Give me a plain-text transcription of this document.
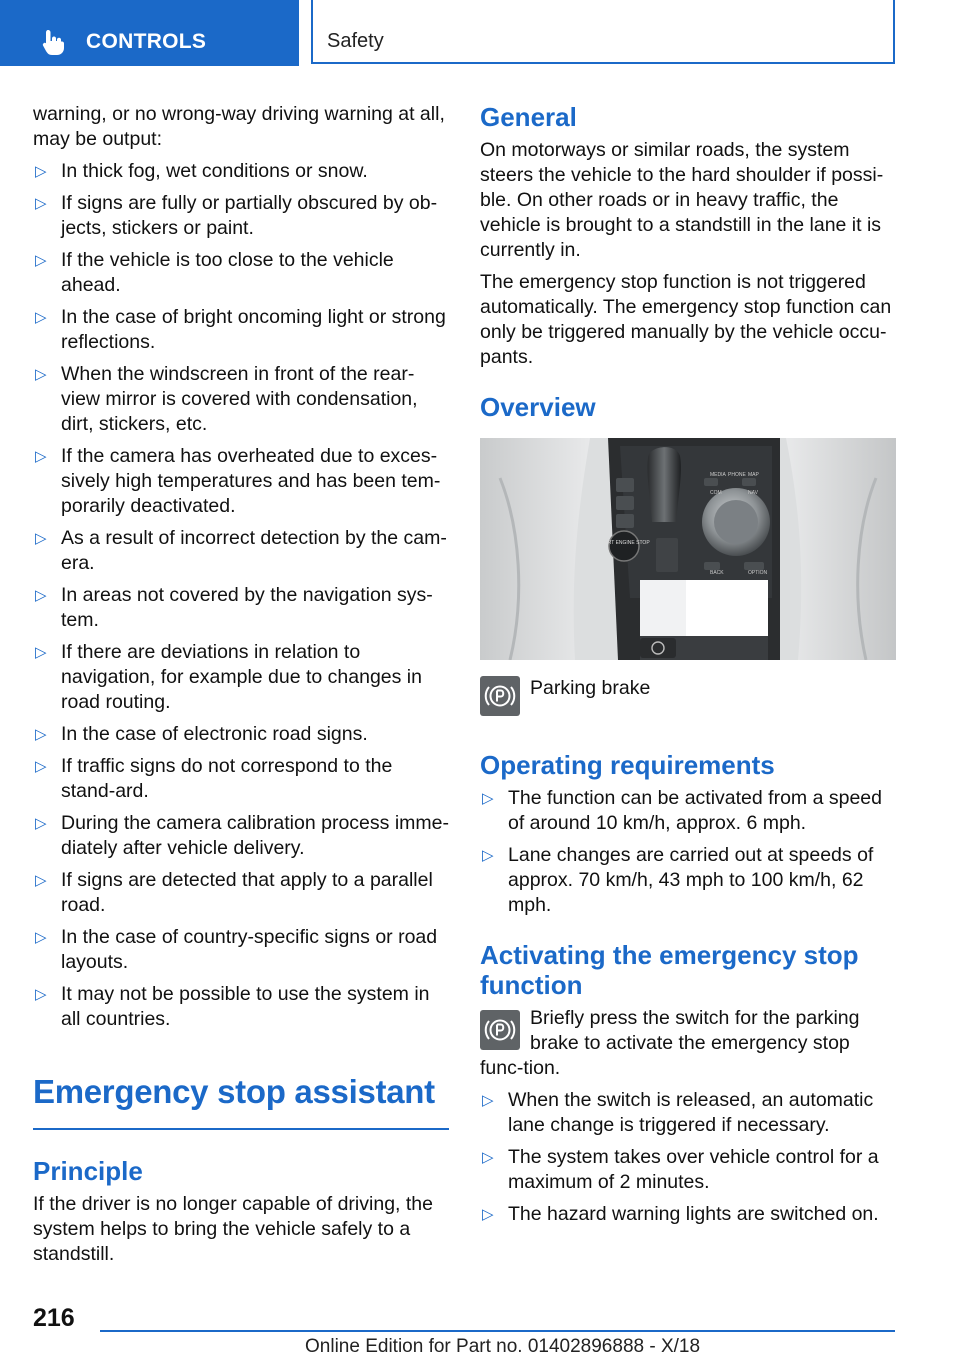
CONTROLS	Safety

warning, or no wrong-way driving warning at all, may be output:

▷ In thick fog, wet conditions or snow.
▷ If signs are fully or partially obscured by ob-jects, stickers or paint.
▷ If the vehicle is too close to the vehicle ahead.
▷ In the case of bright oncoming light or strong reflections.
▷ When the windscreen in front of the rear-view mirror is covered with condensation, dirt, stickers, etc.
▷ If the camera has overheated due to exces-sively high temperatures and has been tem-porarily deactivated.
▷ As a result of incorrect detection by the cam-era.
▷ In areas not covered by the navigation sys-tem.
▷ If there are deviations in relation to navigation, for example due to changes in road routing.
▷ In the case of electronic road signs.
▷ If traffic signs do not correspond to the stand-ard.
▷ During the camera calibration process imme-diately after vehicle delivery.
▷ If signs are detected that apply to a parallel road.
▷ In the case of country-specific signs or road layouts.
▷ It may not be possible to use the system in all countries.
Emergency stop assistant
Principle

If the driver is no longer capable of driving, the system helps to bring the vehicle safely to a standstill.

General

On motorways or similar roads, the system steers the vehicle to the hard shoulder if possi-ble. On other roads or in heavy traffic, the vehicle is brought to a standstill in the lane it is currently in.

The emergency stop function is not triggered automatically. The emergency stop function can only be triggered manually by the vehicle occu-pants.

Overview
START ENGINE STOP
MEDIA PHONE MAP
COM	NAV
BACK	OPTION
Parking brake
Operating requirements
▷ The function can be activated from a speed of around 10 km/h, approx. 6 mph.
▷ Lane changes are carried out at speeds of approx. 70 km/h, 43 mph to 100 km/h, 62 mph.
Activating the emergency stop function

Briefly press the switch for the parking brake to activate the emergency stop func-tion.

▷ When the switch is released, an automatic lane change is triggered if necessary.
▷ The system takes over vehicle control for a maximum of 2 minutes.
▷ The hazard warning lights are switched on.
216
Online Edition for Part no. 01402896888 - X/18
